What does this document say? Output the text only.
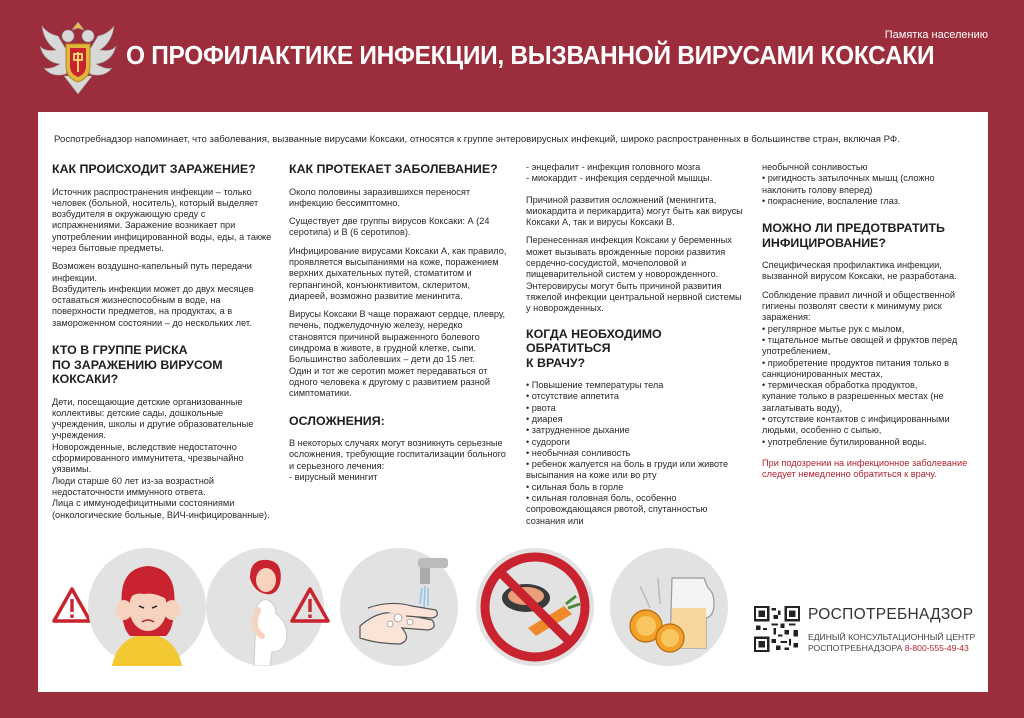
О ПРОФИЛАКТИКЕ ИНФЕКЦИИ, ВЫЗВАННОЙ ВИРУСАМИ КОКСАКИ
Памятка населению
Роспотребнадзор напоминает, что заболевания, вызванные вирусами Коксаки, относятся к группе энтеровирусных инфекций, широко распространенных в большинстве стран, включая РФ.
КАК ПРОИСХОДИТ ЗАРАЖЕНИЕ?

Источник распространения инфекции – только человек (больной, носитель), который выделяет возбудителя в окружающую среду с испражнениями. Заражение возникает при употреблении инфицированной воды, еды, а также через бытовые предметы.

Возможен воздушно-капельный путь передачи инфекции.

Возбудитель инфекции может до двух месяцев оставаться жизнеспособным в воде, на поверхности предметов, на продуктах, а в замороженном состоянии – до нескольких лет.

КТО В ГРУППЕ РИСКА
ПО ЗАРАЖЕНИЮ ВИРУСОМ КОКСАКИ?

Дети, посещающие детские организованные коллективы: детские сады, дошкольные учреждения, школы и другие образовательные учреждения.

Новорожденные, вследствие недостаточно сформированного иммунитета, чрезвычайно уязвимы.

Люди старше 60 лет из-за возрастной недостаточности иммунного ответа.

Лица с иммунодефицитными состояниями (онкологические больные, ВИЧ-инфицированные).

КАК ПРОТЕКАЕТ ЗАБОЛЕВАНИЕ?

Около половины заразившихся переносят инфекцию бессимптомно.

Существует две группы вирусов Коксаки: А (24 серотипа) и В (6 серотипов).

Инфицирование вирусами Коксаки А, как правило, проявляется высыпаниями на коже, поражением верхних дыхательных путей, стоматитом и герпангиной, конъюнктивитом, склеритом, диареей, возможно развитие менингита.

Вирусы Коксаки В чаще поражают сердце, плевру, печень, поджелудочную железу, нередко становятся причиной выраженного болевого синдрома в животе, в грудной клетке, сыпи. Большинство заболевших – дети до 15 лет.

Один и тот же серотип может передаваться от одного человека к другому с развитием разной симптоматики.

ОСЛОЖНЕНИЯ:

В некоторых случаях могут возникнуть серьезные осложнения, требующие госпитализации больного и серьезного лечения:

- вирусный менингит

- энцефалит - инфекция головного мозга
- миокардит - инфекция сердечной мышцы.

Причиной развития осложнений (менингита, миокардита и перикардита) могут быть как вирусы Коксаки А, так и вирусы Коксаки В.

Перенесенная инфекция Коксаки у беременных может вызывать врожденные пороки развития сердечно-сосудистой, мочеполовой и пищеварительной систем у новорожденного. Энтеровирусы могут быть причиной развития тяжелой инфекции центральной нервной системы у новорожденных.

КОГДА НЕОБХОДИМО ОБРАТИТЬСЯ
К ВРАЧУ?
• Повышение температуры тела
• отсутствие аппетита
• рвота
• диарея
• затрудненное дыхание
• судороги
• необычная сонливость
• ребенок жалуется на боль в груди или животе
высыпания на коже или во рту
• сильная боль в горле
• сильная головная боль, особенно сопровождающаяся рвотой, спутанностью сознания или
необычной сонливостью
• ригидность затылочных мышц (сложно наклонить голову вперед)
• покраснение, воспаление глаз.
МОЖНО ЛИ ПРЕДОТВРАТИТЬ
ИНФИЦИРОВАНИЕ?

Специфическая профилактика инфекции, вызванной вирусом Коксаки, не разработана.

Соблюдение правил личной и общественной гигиены позволят свести к минимуму риск заражения:

• регулярное мытье рук с мылом,
• тщательное мытье овощей и фруктов перед употреблением,
• приобретение продуктов питания только в санкционированных местах,
• термическая обработка продуктов,
купание только в разрешенных местах (не заглатывать воду),
• отсутствие контактов с инфицированными людьми, особенно с сыпью,
• употребление бутилированной воды.

При подозрении на инфекционное заболевание следует немедленно обратиться к врачу.

РОСПОТРЕБНАДЗОР
ЕДИНЫЙ КОНСУЛЬТАЦИОННЫЙ ЦЕНТР
РОСПОТРЕБНАДЗОРА 8-800-555-49-43
